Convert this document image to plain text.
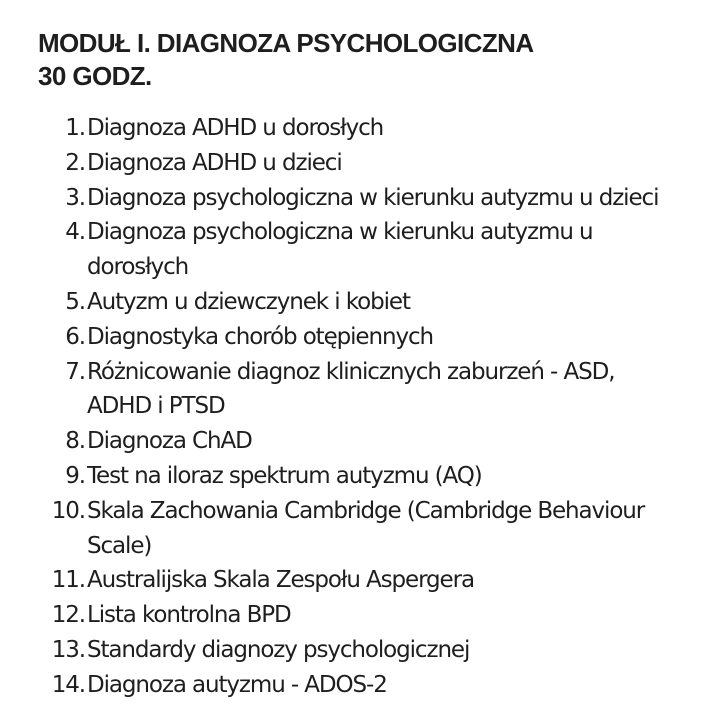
MODUŁ I. DIAGNOZA PSYCHOLOGICZNA
30 GODZ.
1. Diagnoza ADHD u dorosłych
2. Diagnoza ADHD u dzieci
3. Diagnoza psychologiczna w kierunku autyzmu u dzieci
4. Diagnoza psychologiczna w kierunku autyzmu u dorosłych
5. Autyzm u dziewczynek i kobiet
6. Diagnostyka chorób otępiennych
7. Różnicowanie diagnoz klinicznych zaburzeń - ASD, ADHD i PTSD
8. Diagnoza ChAD
9. Test na iloraz spektrum autyzmu (AQ)
10. Skala Zachowania Cambridge (Cambridge Behaviour Scale)
11. Australijska Skala Zespołu Aspergera
12. Lista kontrolna BPD
13. Standardy diagnozy psychologicznej
14. Diagnoza autyzmu - ADOS-2
